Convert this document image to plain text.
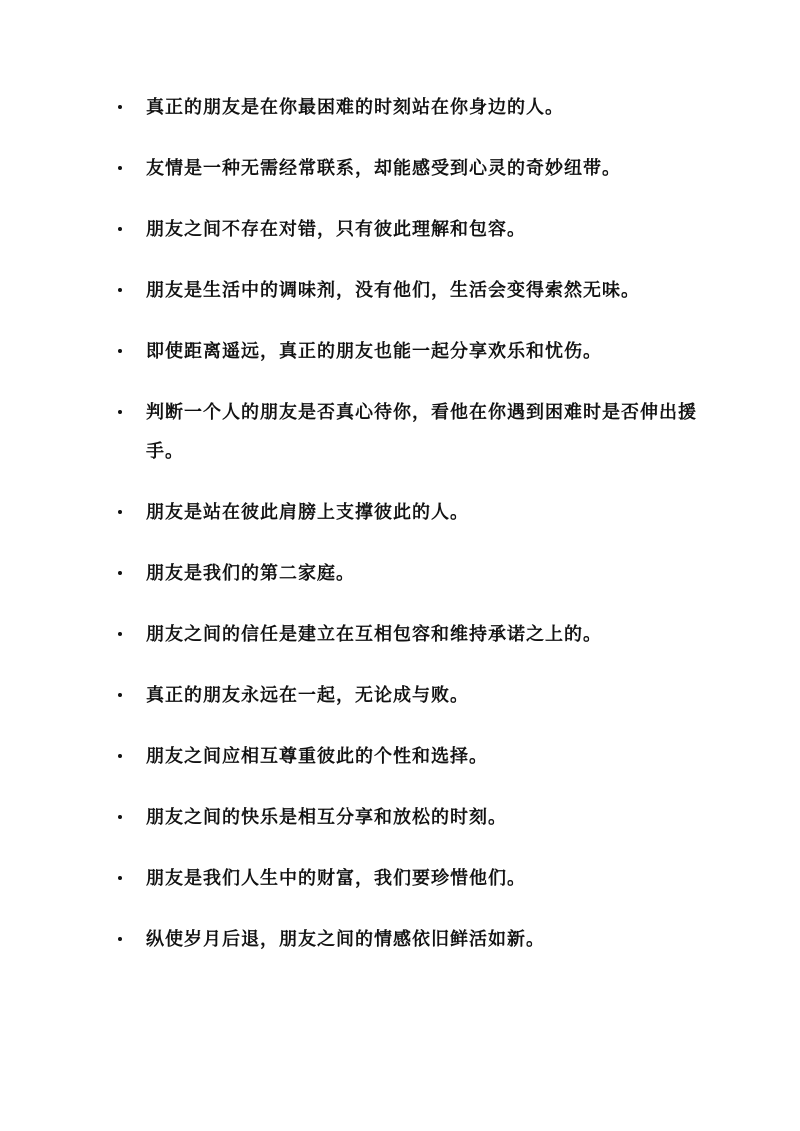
真正的朋友是在你最困难的时刻站在你身边的人。
友情是一种无需经常联系，却能感受到心灵的奇妙纽带。
朋友之间不存在对错，只有彼此理解和包容。
朋友是生活中的调味剂，没有他们，生活会变得索然无味。
即使距离遥远，真正的朋友也能一起分享欢乐和忧伤。
判断一个人的朋友是否真心待你，看他在你遇到困难时是否伸出援手。
朋友是站在彼此肩膀上支撑彼此的人。
朋友是我们的第二家庭。
朋友之间的信任是建立在互相包容和维持承诺之上的。
真正的朋友永远在一起，无论成与败。
朋友之间应相互尊重彼此的个性和选择。
朋友之间的快乐是相互分享和放松的时刻。
朋友是我们人生中的财富，我们要珍惜他们。
纵使岁月后退，朋友之间的情感依旧鲜活如新。
